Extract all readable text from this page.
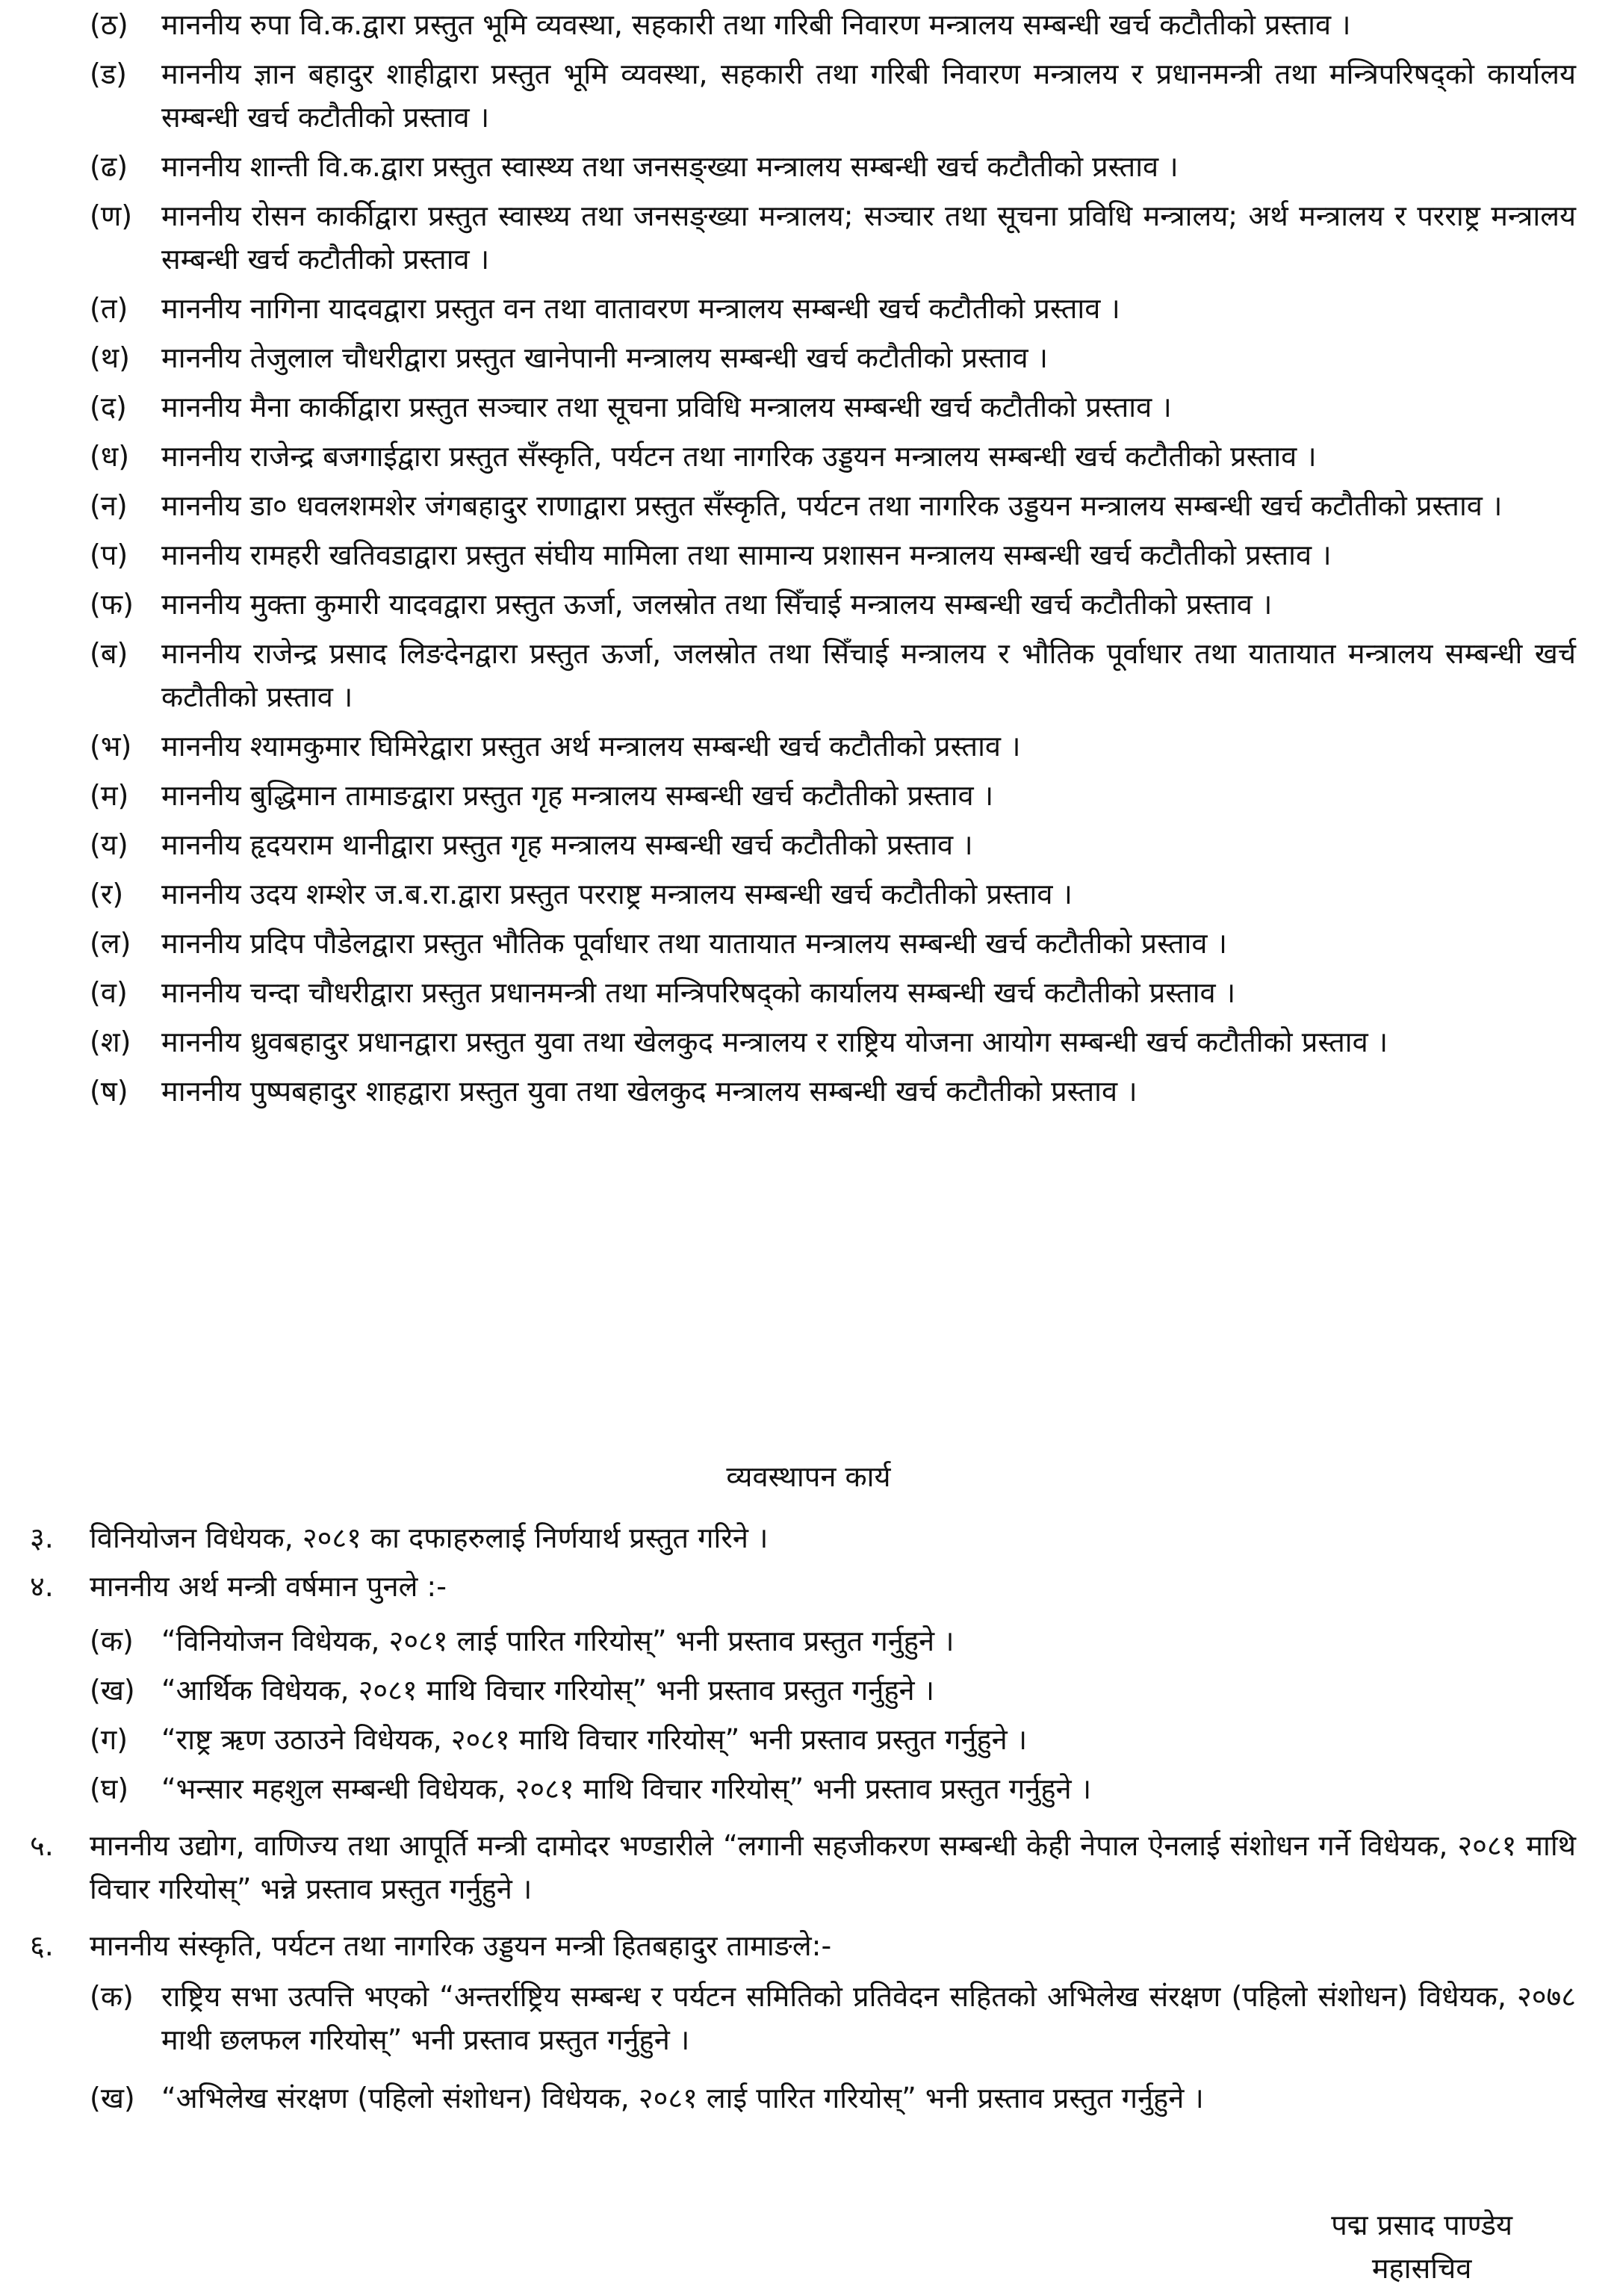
(ठ)	माननीय रुपा वि.क.द्वारा प्रस्तुत भूमि व्यवस्था, सहकारी तथा गरिबी निवारण मन्त्रालय सम्बन्धी खर्च कटौतीको प्रस्ताव ।
(ड)	माननीय ज्ञान बहादुर शाहीद्वारा प्रस्तुत भूमि व्यवस्था, सहकारी तथा गरिबी निवारण मन्त्रालय र प्रधानमन्त्री तथा मन्त्रिपरिषद्को कार्यालय सम्बन्धी खर्च कटौतीको प्रस्ताव ।
(ढ)	माननीय शान्ती वि.क.द्वारा प्रस्तुत स्वास्थ्य तथा जनसङ्ख्या मन्त्रालय सम्बन्धी खर्च कटौतीको प्रस्ताव ।
(ण)	माननीय रोसन कार्कीद्वारा प्रस्तुत स्वास्थ्य तथा जनसङ्ख्या मन्त्रालय; सञ्चार तथा सूचना प्रविधि मन्त्रालय; अर्थ मन्त्रालय र परराष्ट्र मन्त्रालय सम्बन्धी खर्च कटौतीको प्रस्ताव ।
(त)	माननीय नागिना यादवद्वारा प्रस्तुत वन तथा वातावरण मन्त्रालय सम्बन्धी खर्च कटौतीको प्रस्ताव ।
(थ)	माननीय तेजुलाल चौधरीद्वारा प्रस्तुत खानेपानी मन्त्रालय सम्बन्धी खर्च कटौतीको प्रस्ताव ।
(द)	माननीय मैना कार्कीद्वारा प्रस्तुत सञ्चार तथा सूचना प्रविधि मन्त्रालय सम्बन्धी खर्च कटौतीको प्रस्ताव ।
(ध)	माननीय राजेन्द्र बजगाईद्वारा प्रस्तुत सँस्कृति, पर्यटन तथा नागरिक उड्डयन मन्त्रालय सम्बन्धी खर्च कटौतीको प्रस्ताव ।
(न)	माननीय डा० धवलशमशेर जंगबहादुर राणाद्वारा प्रस्तुत सँस्कृति, पर्यटन तथा नागरिक उड्डयन मन्त्रालय सम्बन्धी खर्च कटौतीको प्रस्ताव ।
(प)	माननीय रामहरी खतिवडाद्वारा प्रस्तुत संघीय मामिला तथा सामान्य प्रशासन मन्त्रालय सम्बन्धी खर्च कटौतीको प्रस्ताव ।
(फ) माननीय मुक्ता कुमारी यादवद्वारा प्रस्तुत ऊर्जा, जलस्रोत तथा सिँचाई मन्त्रालय सम्बन्धी खर्च कटौतीको प्रस्ताव ।
(ब)	माननीय राजेन्द्र प्रसाद लिङदेनद्वारा प्रस्तुत ऊर्जा, जलस्रोत तथा सिँचाई मन्त्रालय र भौतिक पूर्वाधार तथा यातायात मन्त्रालय सम्बन्धी खर्च कटौतीको प्रस्ताव ।
(भ)	माननीय श्यामकुमार घिमिरेद्वारा प्रस्तुत अर्थ मन्त्रालय सम्बन्धी खर्च कटौतीको प्रस्ताव ।
(म)	माननीय बुद्धिमान तामाङद्वारा प्रस्तुत गृह मन्त्रालय सम्बन्धी खर्च कटौतीको प्रस्ताव ।
(य)	माननीय हृदयराम थानीद्वारा प्रस्तुत गृह मन्त्रालय सम्बन्धी खर्च कटौतीको प्रस्ताव ।
(र)	माननीय उदय शम्शेर ज.ब.रा.द्वारा प्रस्तुत परराष्ट्र मन्त्रालय सम्बन्धी खर्च कटौतीको प्रस्ताव ।
(ल)	माननीय प्रदिप पौडेलद्वारा प्रस्तुत भौतिक पूर्वाधार तथा यातायात मन्त्रालय सम्बन्धी खर्च कटौतीको प्रस्ताव ।
(व)	माननीय चन्दा चौधरीद्वारा प्रस्तुत प्रधानमन्त्री तथा मन्त्रिपरिषद्को कार्यालय सम्बन्धी खर्च कटौतीको प्रस्ताव ।
(श)	माननीय ध्रुवबहादुर प्रधानद्वारा प्रस्तुत युवा तथा खेलकुद मन्त्रालय र राष्ट्रिय योजना आयोग सम्बन्धी खर्च कटौतीको प्रस्ताव ।
(ष)	माननीय पुष्पबहादुर शाहद्वारा प्रस्तुत युवा तथा खेलकुद मन्त्रालय सम्बन्धी खर्च कटौतीको प्रस्ताव ।
व्यवस्थापन कार्य
३.	विनियोजन विधेयक, २०८१ का दफाहरुलाई निर्णयार्थ प्रस्तुत गरिने ।
४.	माननीय अर्थ मन्त्री वर्षमान पुनले :-
(क) “विनियोजन विधेयक, २०८१ लाई पारित गरियोस्” भनी प्रस्ताव प्रस्तुत गर्नुहुने ।
(ख) “आर्थिक विधेयक, २०८१ माथि विचार गरियोस्” भनी प्रस्ताव प्रस्तुत गर्नुहुने ।
(ग)	“राष्ट्र ऋण उठाउने विधेयक, २०८१ माथि विचार गरियोस्” भनी प्रस्ताव प्रस्तुत गर्नुहुने ।
(घ)	“भन्सार महशुल सम्बन्धी विधेयक, २०८१ माथि विचार गरियोस्” भनी प्रस्ताव प्रस्तुत गर्नुहुने ।
५.	माननीय उद्योग, वाणिज्य तथा आपूर्ति मन्त्री दामोदर भण्डारीले “लगानी सहजीकरण सम्बन्धी केही नेपाल ऐनलाई संशोधन गर्ने विधेयक, २०८१ माथि विचार गरियोस्” भन्ने प्रस्ताव प्रस्तुत गर्नुहुने ।
६.	माननीय संस्कृति, पर्यटन तथा नागरिक उड्डयन मन्त्री हितबहादुर तामाङले:-
(क) राष्ट्रिय सभा उत्पत्ति भएको “अन्तर्राष्ट्रिय सम्बन्ध र पर्यटन समितिको प्रतिवेदन सहितको अभिलेख संरक्षण (पहिलो संशोधन) विधेयक, २०७८ माथी छलफल गरियोस्” भनी प्रस्ताव प्रस्तुत गर्नुहुने ।
(ख) “अभिलेख संरक्षण (पहिलो संशोधन) विधेयक, २०८१ लाई पारित गरियोस्” भनी प्रस्ताव प्रस्तुत गर्नुहुने ।
पद्म प्रसाद पाण्डेय
महासचिव
